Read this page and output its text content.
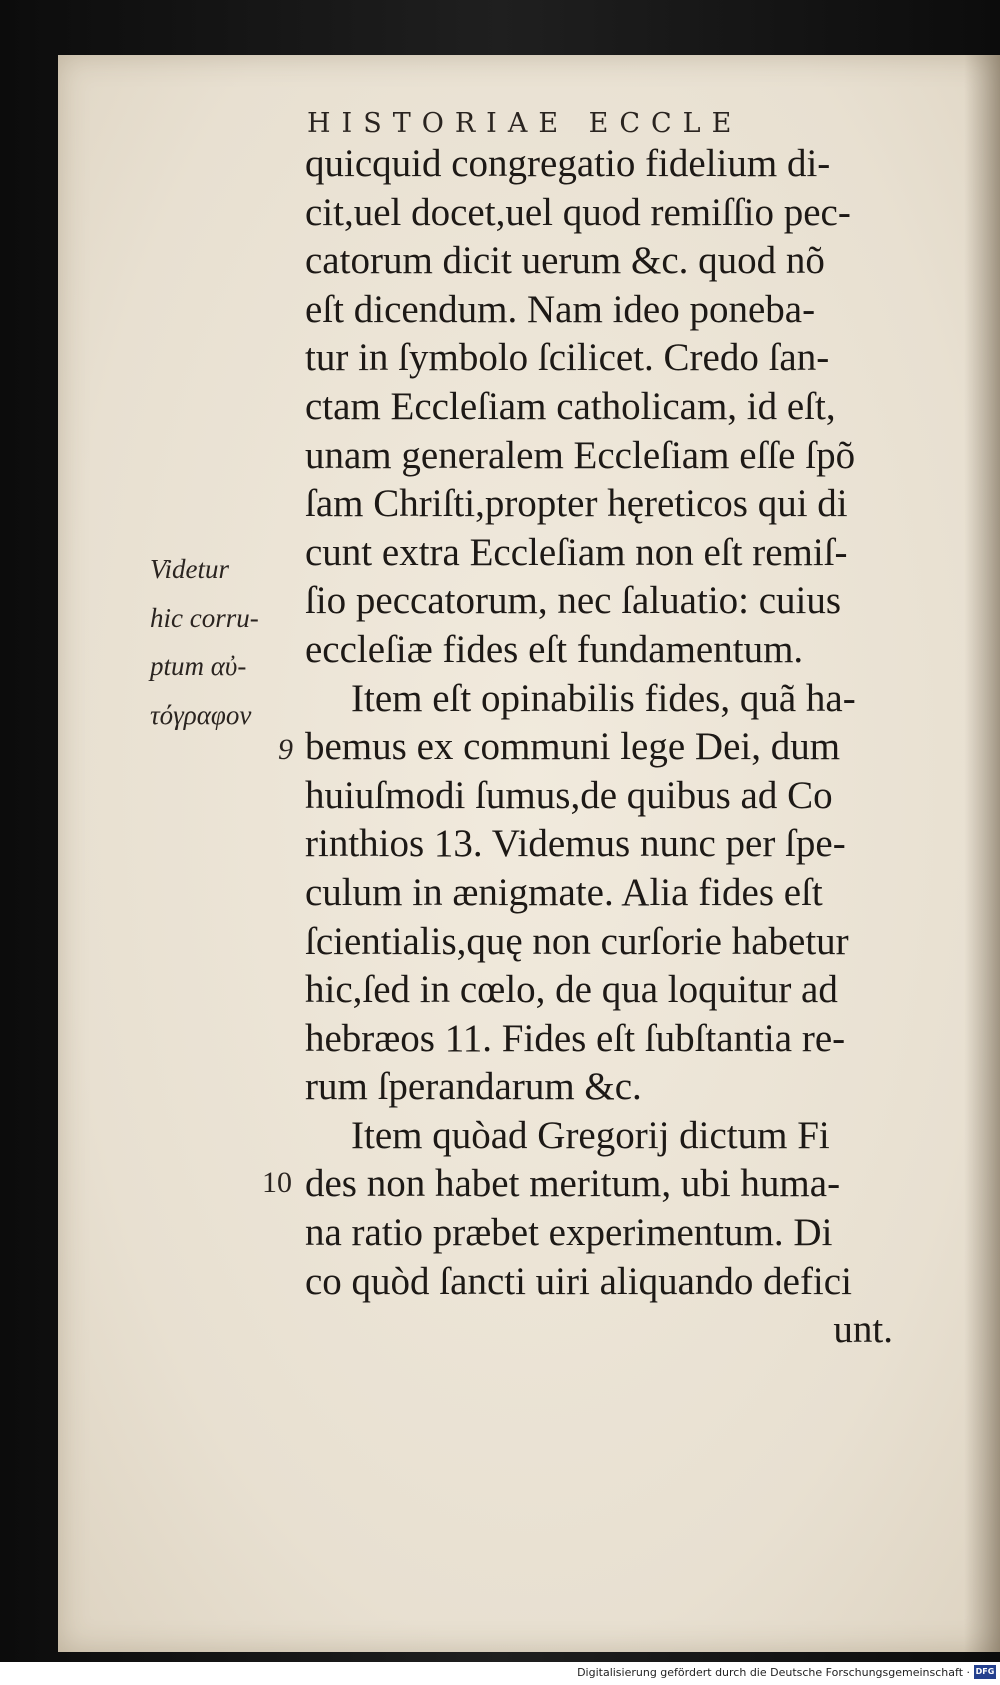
HISTORIAE ECCLE
Videtur
hic corru-
ptum αὐ-
τόγραφον
9
10
quicquid congregatio fidelium di-
cit,uel docet,uel quod remiſſio pec-
catorum dicit uerum &c. quod nõ
eſt dicendum. Nam ideo poneba-
tur in ſymbolo ſcilicet. Credo ſan-
ctam Eccleſiam catholicam, id eſt,
unam generalem Eccleſiam eſſe ſpõ
ſam Chriſti,propter hęreticos qui di
cunt extra Eccleſiam non eſt remiſ-
ſio peccatorum, nec ſaluatio: cuius
eccleſiæ fides eſt fundamentum.
Item eſt opinabilis fides, quã ha-
bemus ex communi lege Dei, dum
huiuſmodi ſumus,de quibus ad Co
rinthios 13. Videmus nunc per ſpe-
culum in ænigmate. Alia fides eſt
ſcientialis,quę non curſorie habetur
hic,ſed in cœlo, de qua loquitur ad
hebræos 11. Fides eſt ſubſtantia re-
rum ſperandarum &c.
Item quòad Gregorij dictum Fi
des non habet meritum, ubi huma-
na ratio præbet experimentum. Di
co quòd ſancti uiri aliquando defici
unt.
Digitalisierung gefördert durch die Deutsche Forschungsgemeinschaft · DFG
